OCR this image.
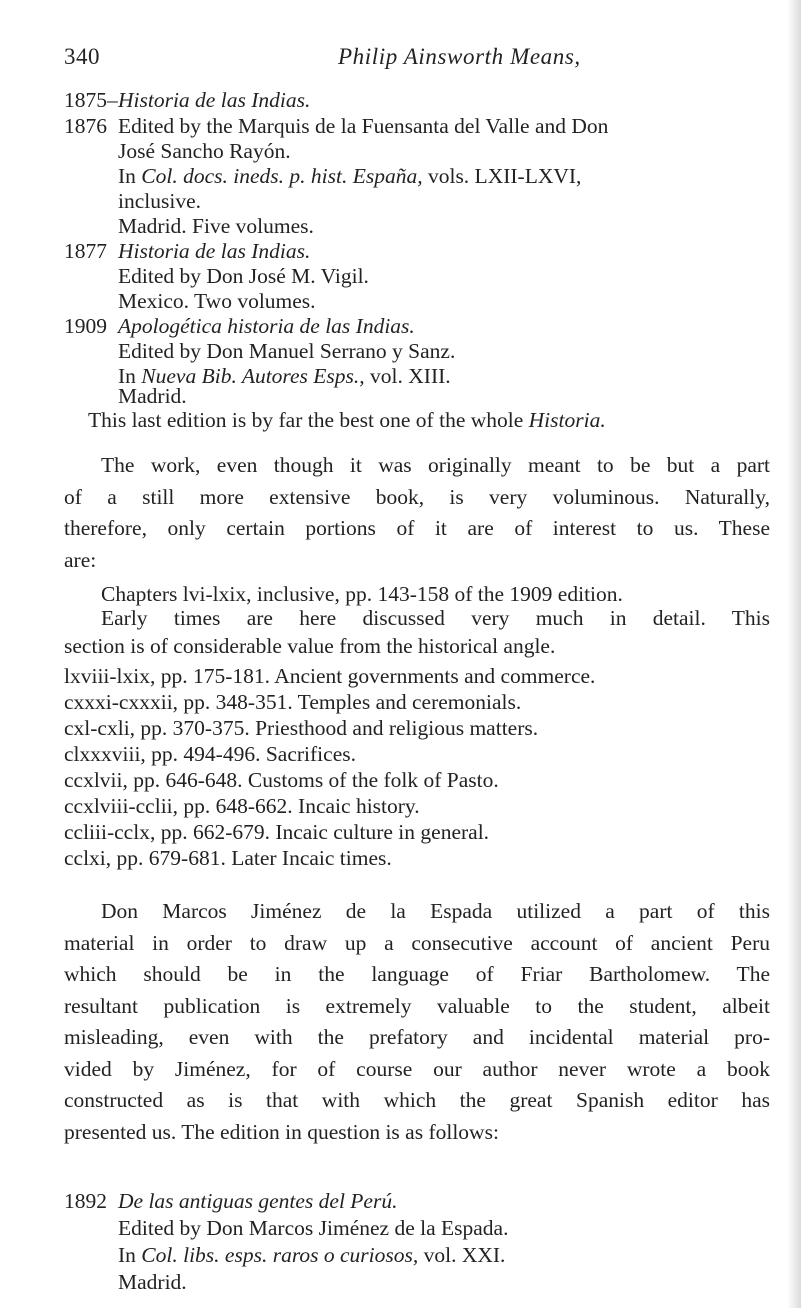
340	Philip Ainsworth Means,
1875– Historia de las Indias.
1876 Edited by the Marquis de la Fuensanta del Valle and Don
José Sancho Rayón.
In Col. docs. ineds. p. hist. España, vols. LXII-LXVI,
inclusive.
Madrid. Five volumes.
1877 Historia de las Indias.
Edited by Don José M. Vigil.
Mexico. Two volumes.
1909 Apologética historia de las Indias.
Edited by Don Manuel Serrano y Sanz.
In Nueva Bib. Autores Esps., vol. XIII.
Madrid.
This last edition is by far the best one of the whole Historia.
The work, even though it was originally meant to be but a part
of a still more extensive book, is very voluminous. Naturally,
therefore, only certain portions of it are of interest to us. These
are:
Chapters lvi-lxix, inclusive, pp. 143-158 of the 1909 edition.
Early times are here discussed very much in detail. This
section is of considerable value from the historical angle.
lxviii-lxix, pp. 175-181. Ancient governments and commerce.
cxxxi-cxxxii, pp. 348-351. Temples and ceremonials.
cxl-cxli, pp. 370-375. Priesthood and religious matters.
clxxxviii, pp. 494-496. Sacrifices.
ccxlvii, pp. 646-648. Customs of the folk of Pasto.
ccxlviii-cclii, pp. 648-662. Incaic history.
ccliii-cclx, pp. 662-679. Incaic culture in general.
cclxi, pp. 679-681. Later Incaic times.
Don Marcos Jiménez de la Espada utilized a part of this
material in order to draw up a consecutive account of ancient Peru
which should be in the language of Friar Bartholomew. The
resultant publication is extremely valuable to the student, albeit
misleading, even with the prefatory and incidental material pro-
vided by Jiménez, for of course our author never wrote a book
constructed as is that with which the great Spanish editor has
presented us. The edition in question is as follows:
1892 De las antiguas gentes del Perú.
Edited by Don Marcos Jiménez de la Espada.
In Col. libs. esps. raros o curiosos, vol. XXI.
Madrid.
